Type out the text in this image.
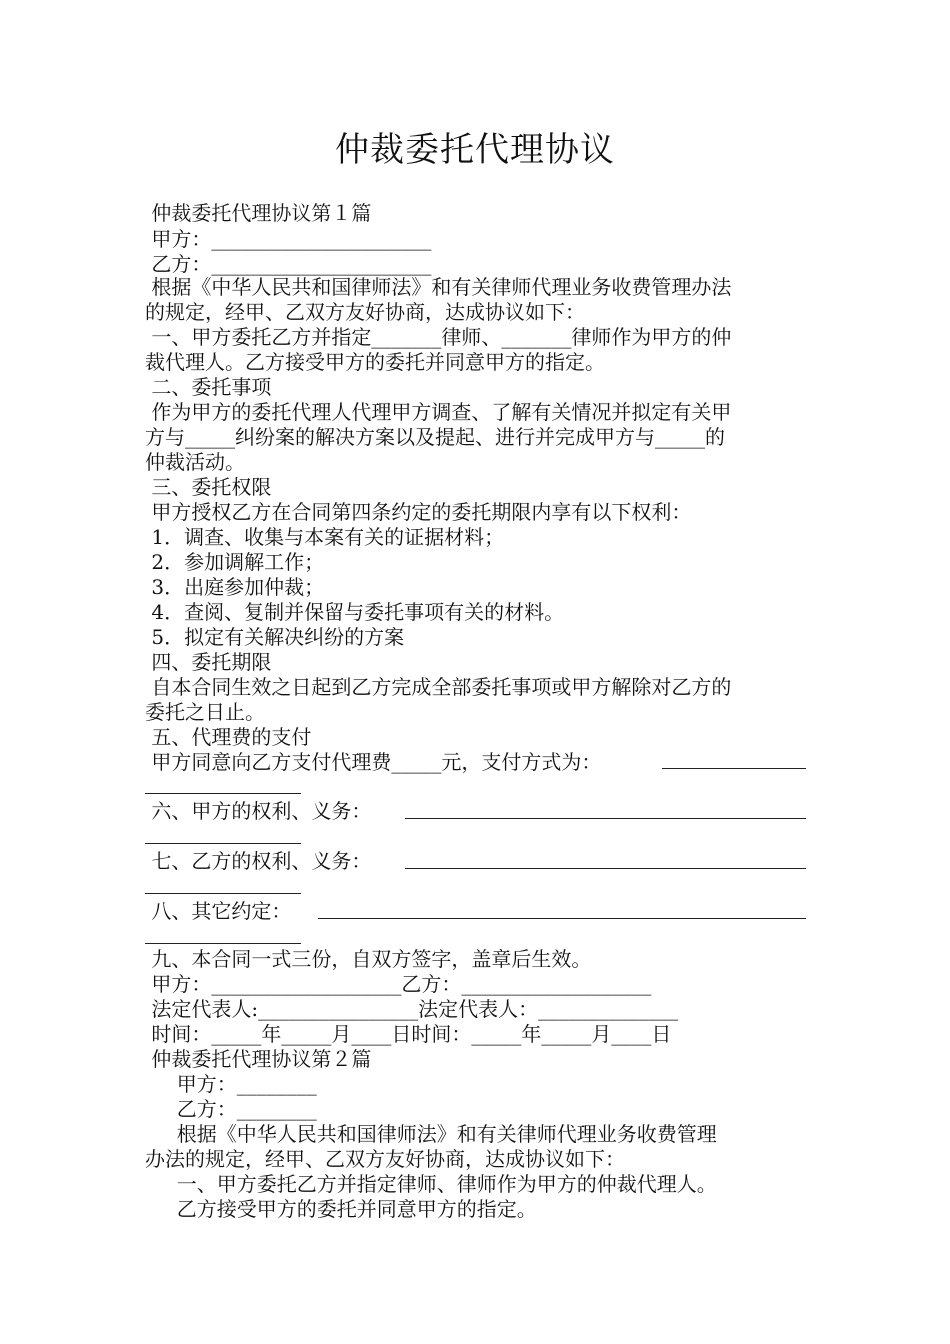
仲裁委托代理协议
仲裁委托代理协议第１篇
甲方：______________________
乙方：______________________
根据《中华人民共和国律师法》和有关律师代理业务收费管理办法
的规定，经甲、乙双方友好协商，达成协议如下：
一、甲方委托乙方并指定_______律师、_______律师作为甲方的仲
裁代理人。乙方接受甲方的委托并同意甲方的指定。
二、委托事项
作为甲方的委托代理人代理甲方调查、了解有关情况并拟定有关甲
方与_____纠纷案的解决方案以及提起、进行并完成甲方与_____的
仲裁活动。
三、委托权限
甲方授权乙方在合同第四条约定的委托期限内享有以下权利：
1．调查、收集与本案有关的证据材料；
2．参加调解工作；
3．出庭参加仲裁；
4．查阅、复制并保留与委托事项有关的材料。
5．拟定有关解决纠纷的方案
四、委托期限
自本合同生效之日起到乙方完成全部委托事项或甲方解除对乙方的
委托之日止。
五、代理费的支付
甲方同意向乙方支付代理费_____元，支付方式为：
六、甲方的权利、义务：
七、乙方的权利、义务：
八、其它约定：
九、本合同一式三份，自双方签字，盖章后生效。
甲方：___________________乙方：___________________
法定代表人:________________法定代表人：______________
时间：_____年_____月____日时间：_____年_____月____日
仲裁委托代理协议第２篇
甲方：________
乙方：________
根据《中华人民共和国律师法》和有关律师代理业务收费管理
办法的规定，经甲、乙双方友好协商，达成协议如下：
一、甲方委托乙方并指定律师、律师作为甲方的仲裁代理人。
乙方接受甲方的委托并同意甲方的指定。
